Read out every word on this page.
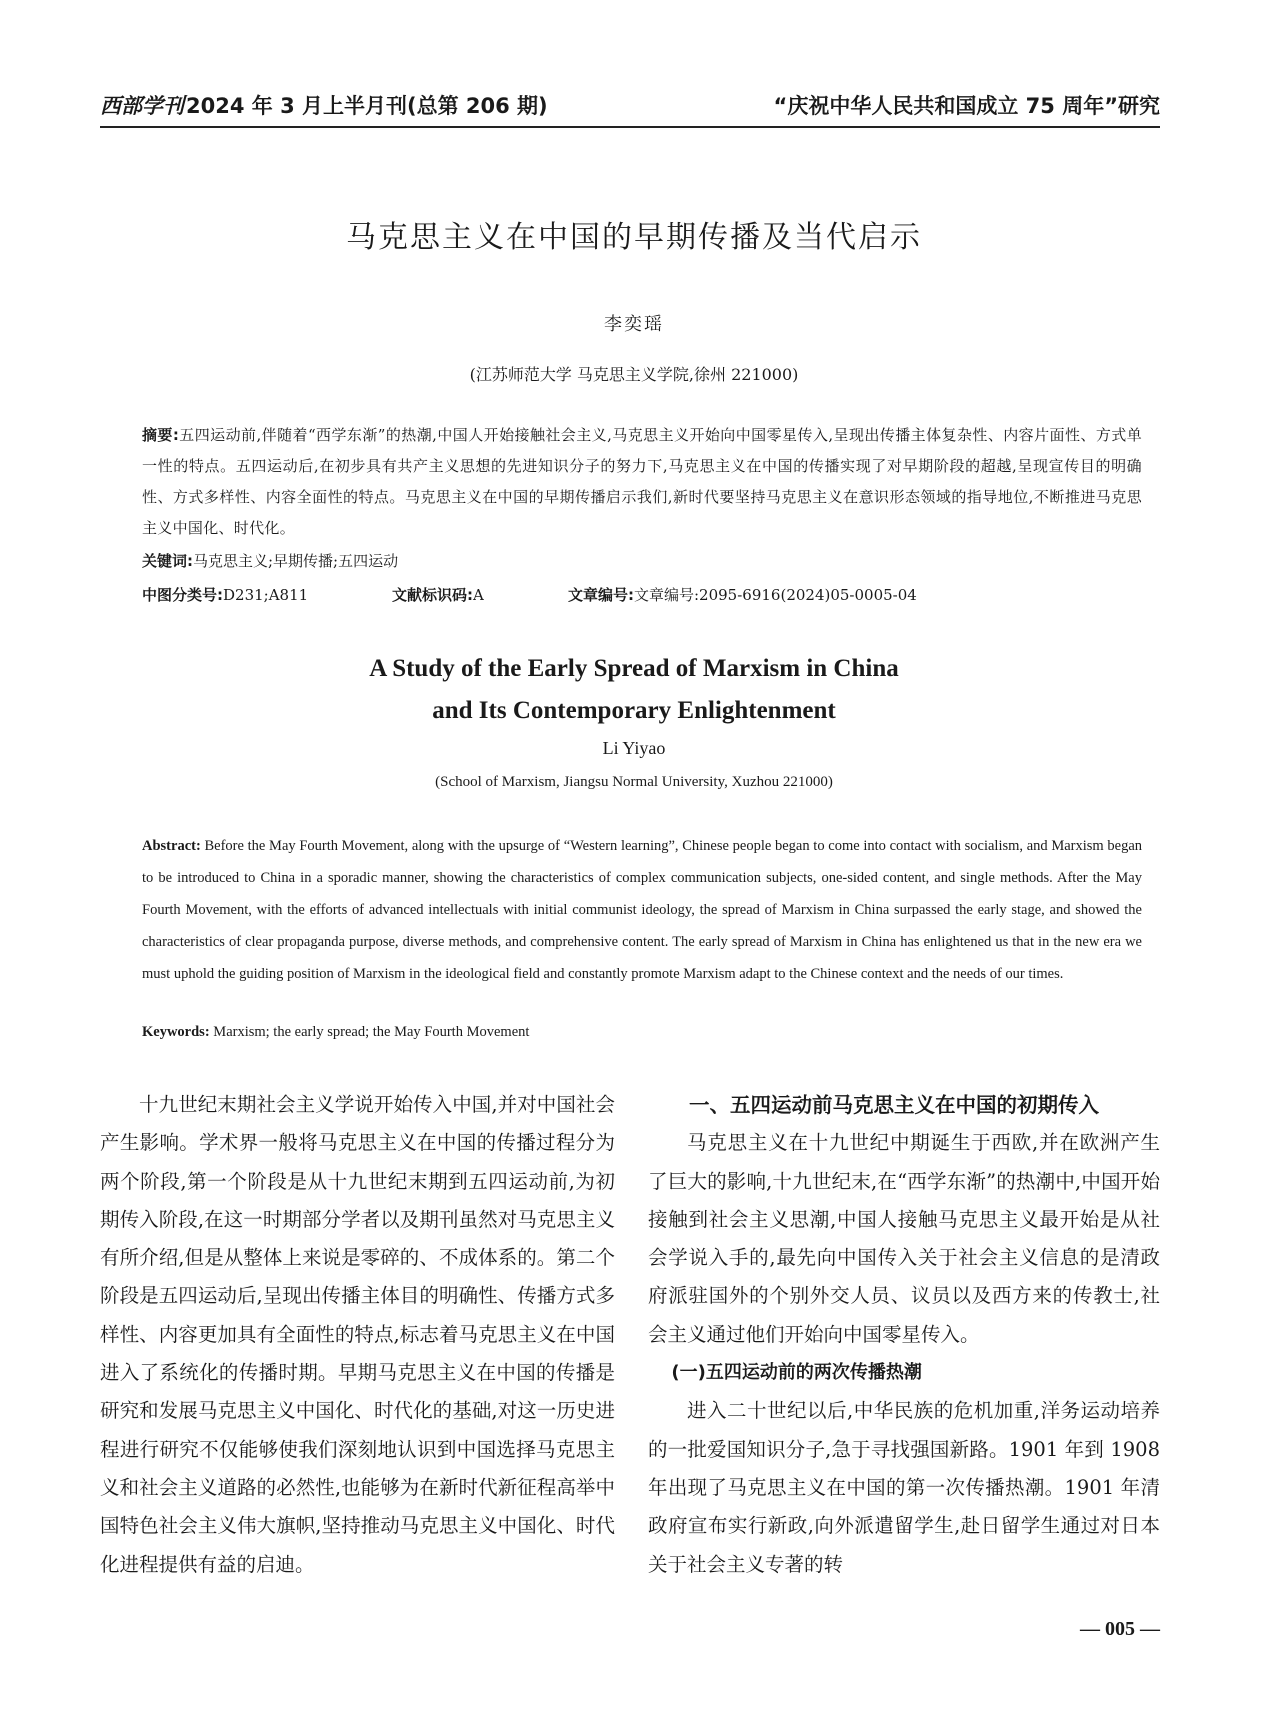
西部学刊2024 年 3 月上半月刊(总第 206 期)	“庆祝中华人民共和国成立 75 周年”研究
马克思主义在中国的早期传播及当代启示
李奕瑶
(江苏师范大学 马克思主义学院,徐州 221000)
摘要:五四运动前,伴随着“西学东渐”的热潮,中国人开始接触社会主义,马克思主义开始向中国零星传入,呈现出传播主体复杂性、内容片面性、方式单一性的特点。五四运动后,在初步具有共产主义思想的先进知识分子的努力下,马克思主义在中国的传播实现了对早期阶段的超越,呈现宣传目的明确性、方式多样性、内容全面性的特点。马克思主义在中国的早期传播启示我们,新时代要坚持马克思主义在意识形态领域的指导地位,不断推进马克思主义中国化、时代化。
关键词:马克思主义;早期传播;五四运动
中图分类号:D231;A811	文献标识码:A	文章编号:文章编号:2095-6916(2024)05-0005-04
A Study of the Early Spread of Marxism in China
and Its Contemporary Enlightenment
Li Yiyao
(School of Marxism, Jiangsu Normal University, Xuzhou 221000)
Abstract: Before the May Fourth Movement, along with the upsurge of “Western learning”, Chinese people began to come into contact with socialism, and Marxism began to be introduced to China in a sporadic manner, showing the characteristics of complex communication subjects, one-sided content, and single methods. After the May Fourth Movement, with the efforts of advanced intellectuals with initial communist ideology, the spread of Marxism in China surpassed the early stage, and showed the characteristics of clear propaganda purpose, diverse methods, and comprehensive content. The early spread of Marxism in China has enlightened us that in the new era we must uphold the guiding position of Marxism in the ideological field and constantly promote Marxism adapt to the Chinese context and the needs of our times.
Keywords: Marxism; the early spread; the May Fourth Movement

十九世纪末期社会主义学说开始传入中国,并对中国社会产生影响。学术界一般将马克思主义在中国的传播过程分为两个阶段,第一个阶段是从十九世纪末期到五四运动前,为初期传入阶段,在这一时期部分学者以及期刊虽然对马克思主义有所介绍,但是从整体上来说是零碎的、不成体系的。第二个阶段是五四运动后,呈现出传播主体目的明确性、传播方式多样性、内容更加具有全面性的特点,标志着马克思主义在中国进入了系统化的传播时期。早期马克思主义在中国的传播是研究和发展马克思主义中国化、时代化的基础,对这一历史进程进行研究不仅能够使我们深刻地认识到中国选择马克思主义和社会主义道路的必然性,也能够为在新时代新征程高举中国特色社会主义伟大旗帜,坚持推动马克思主义中国化、时代化进程提供有益的启迪。

一、五四运动前马克思主义在中国的初期传入

马克思主义在十九世纪中期诞生于西欧,并在欧洲产生了巨大的影响,十九世纪末,在“西学东渐”的热潮中,中国开始接触到社会主义思潮,中国人接触马克思主义最开始是从社会学说入手的,最先向中国传入关于社会主义信息的是清政府派驻国外的个别外交人员、议员以及西方来的传教士,社会主义通过他们开始向中国零星传入。

(一)五四运动前的两次传播热潮

进入二十世纪以后,中华民族的危机加重,洋务运动培养的一批爱国知识分子,急于寻找强国新路。1901 年到 1908 年出现了马克思主义在中国的第一次传播热潮。1901 年清政府宣布实行新政,向外派遣留学生,赴日留学生通过对日本关于社会主义专著的转

— 005 —
